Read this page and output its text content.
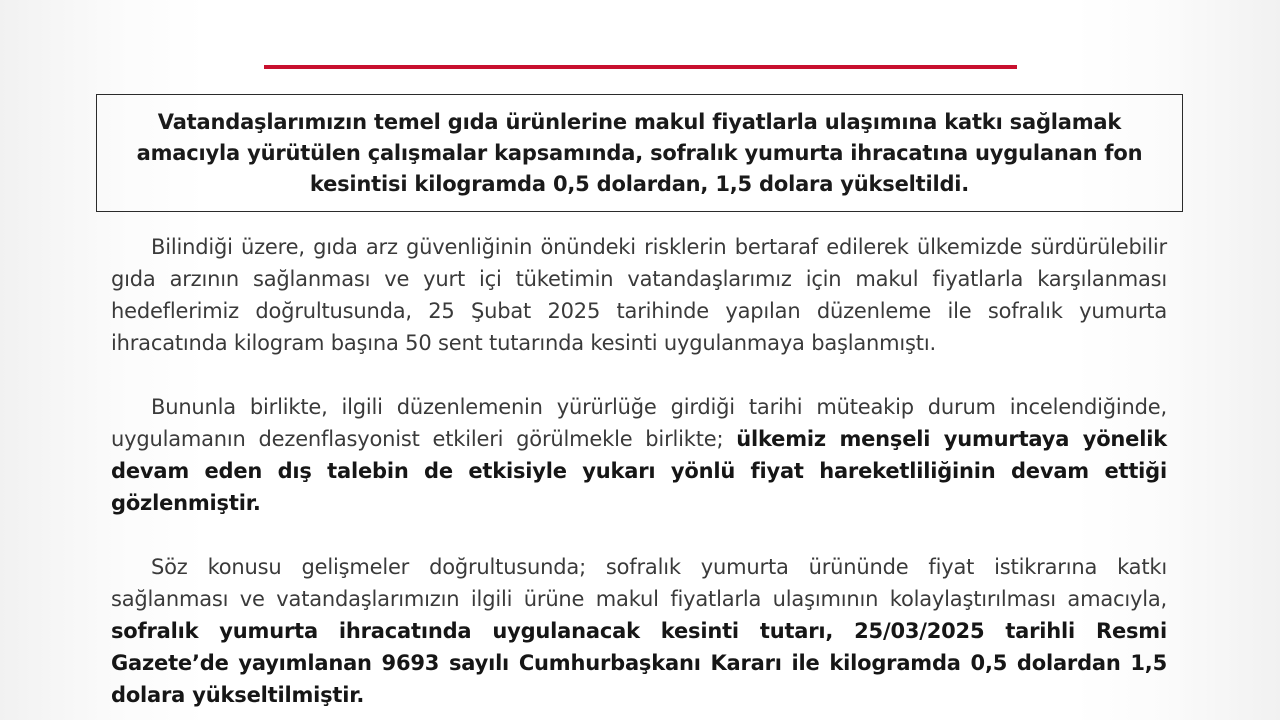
Vatandaşlarımızın temel gıda ürünlerine makul fiyatlarla ulaşımına katkı sağlamak amacıyla yürütülen çalışmalar kapsamında, sofralık yumurta ihracatına uygulanan fon kesintisi kilogramda 0,5 dolardan, 1,5 dolara yükseltildi.

Bilindiği üzere, gıda arz güvenliğinin önündeki risklerin bertaraf edilerek ülkemizde sürdürülebilir gıda arzının sağlanması ve yurt içi tüketimin vatandaşlarımız için makul fiyatlarla karşılanması hedeflerimiz doğrultusunda, 25 Şubat 2025 tarihinde yapılan düzenleme ile sofralık yumurta ihracatında kilogram başına 50 sent tutarında kesinti uygulanmaya başlanmıştı.

Bununla birlikte, ilgili düzenlemenin yürürlüğe girdiği tarihi müteakip durum incelendiğinde, uygulamanın dezenflasyonist etkileri görülmekle birlikte; ülkemiz menşeli yumurtaya yönelik devam eden dış talebin de etkisiyle yukarı yönlü fiyat hareketliliğinin devam ettiği gözlenmiştir.

Söz konusu gelişmeler doğrultusunda; sofralık yumurta ürününde fiyat istikrarına katkı sağlanması ve vatandaşlarımızın ilgili ürüne makul fiyatlarla ulaşımının kolaylaştırılması amacıyla, sofralık yumurta ihracatında uygulanacak kesinti tutarı, 25/03/2025 tarihli Resmi Gazete’de yayımlanan 9693 sayılı Cumhurbaşkanı Kararı ile kilogramda 0,5 dolardan 1,5 dolara yükseltilmiştir.
